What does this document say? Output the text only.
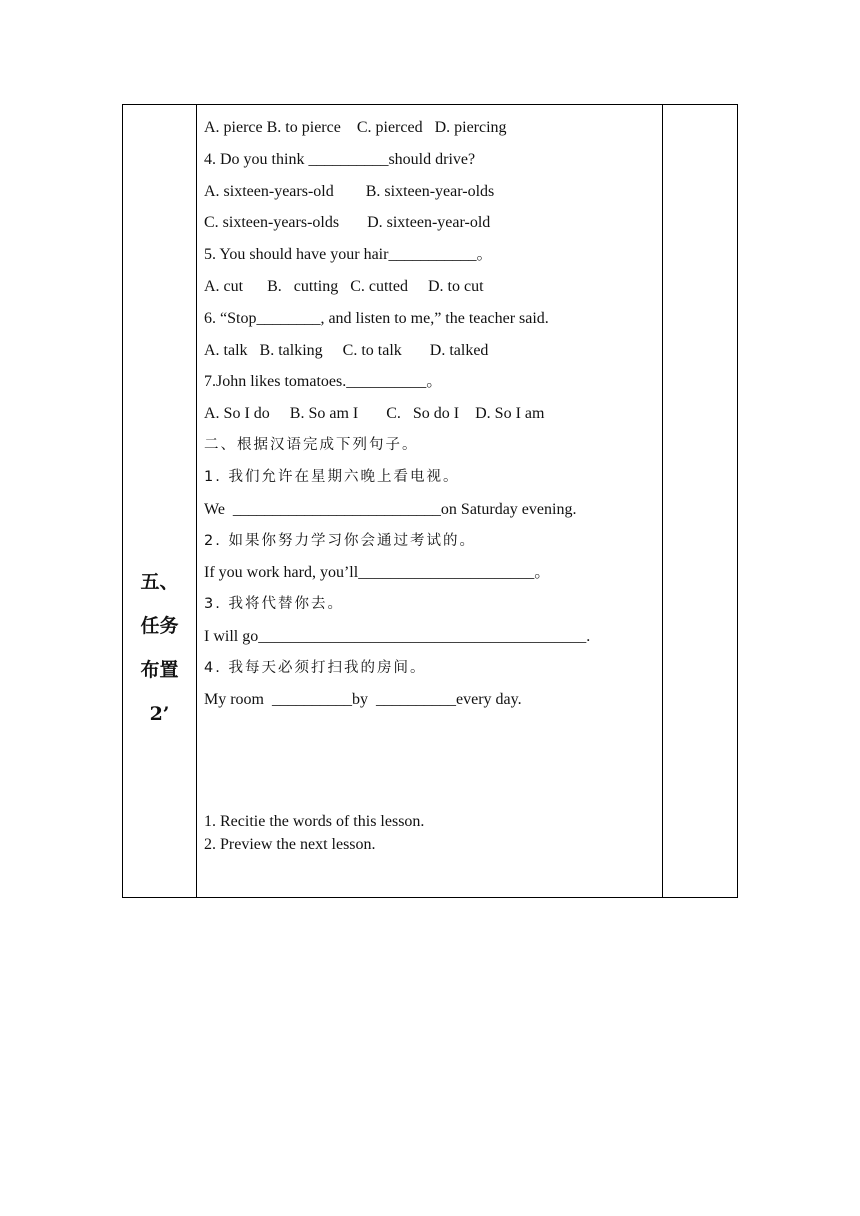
五、
任务
布置
2’
A. pierce B. to pierce    C. pierced   D. piercing
4. Do you think __________should drive?
A. sixteen-years-old        B. sixteen-year-olds
C. sixteen-years-olds       D. sixteen-year-old
5. You should have your hair___________。
A. cut      B.   cutting   C. cutted     D. to cut
6. “Stop________, and listen to me,” the teacher said.
A. talk   B. talking     C. to talk       D. talked
7.John likes tomatoes.__________。
A. So I do     B. So am I       C.   So do I    D. So I am
二、根据汉语完成下列句子。
1. 我们允许在星期六晚上看电视。
We  __________________________on Saturday evening.
2. 如果你努力学习你会通过考试的。
If you work hard, you’ll______________________。
3. 我将代替你去。
I will go_________________________________________.
4. 我每天必须打扫我的房间。
My room  __________by  __________every day.
1. Recitie the words of this lesson.
2. Preview the next lesson.
